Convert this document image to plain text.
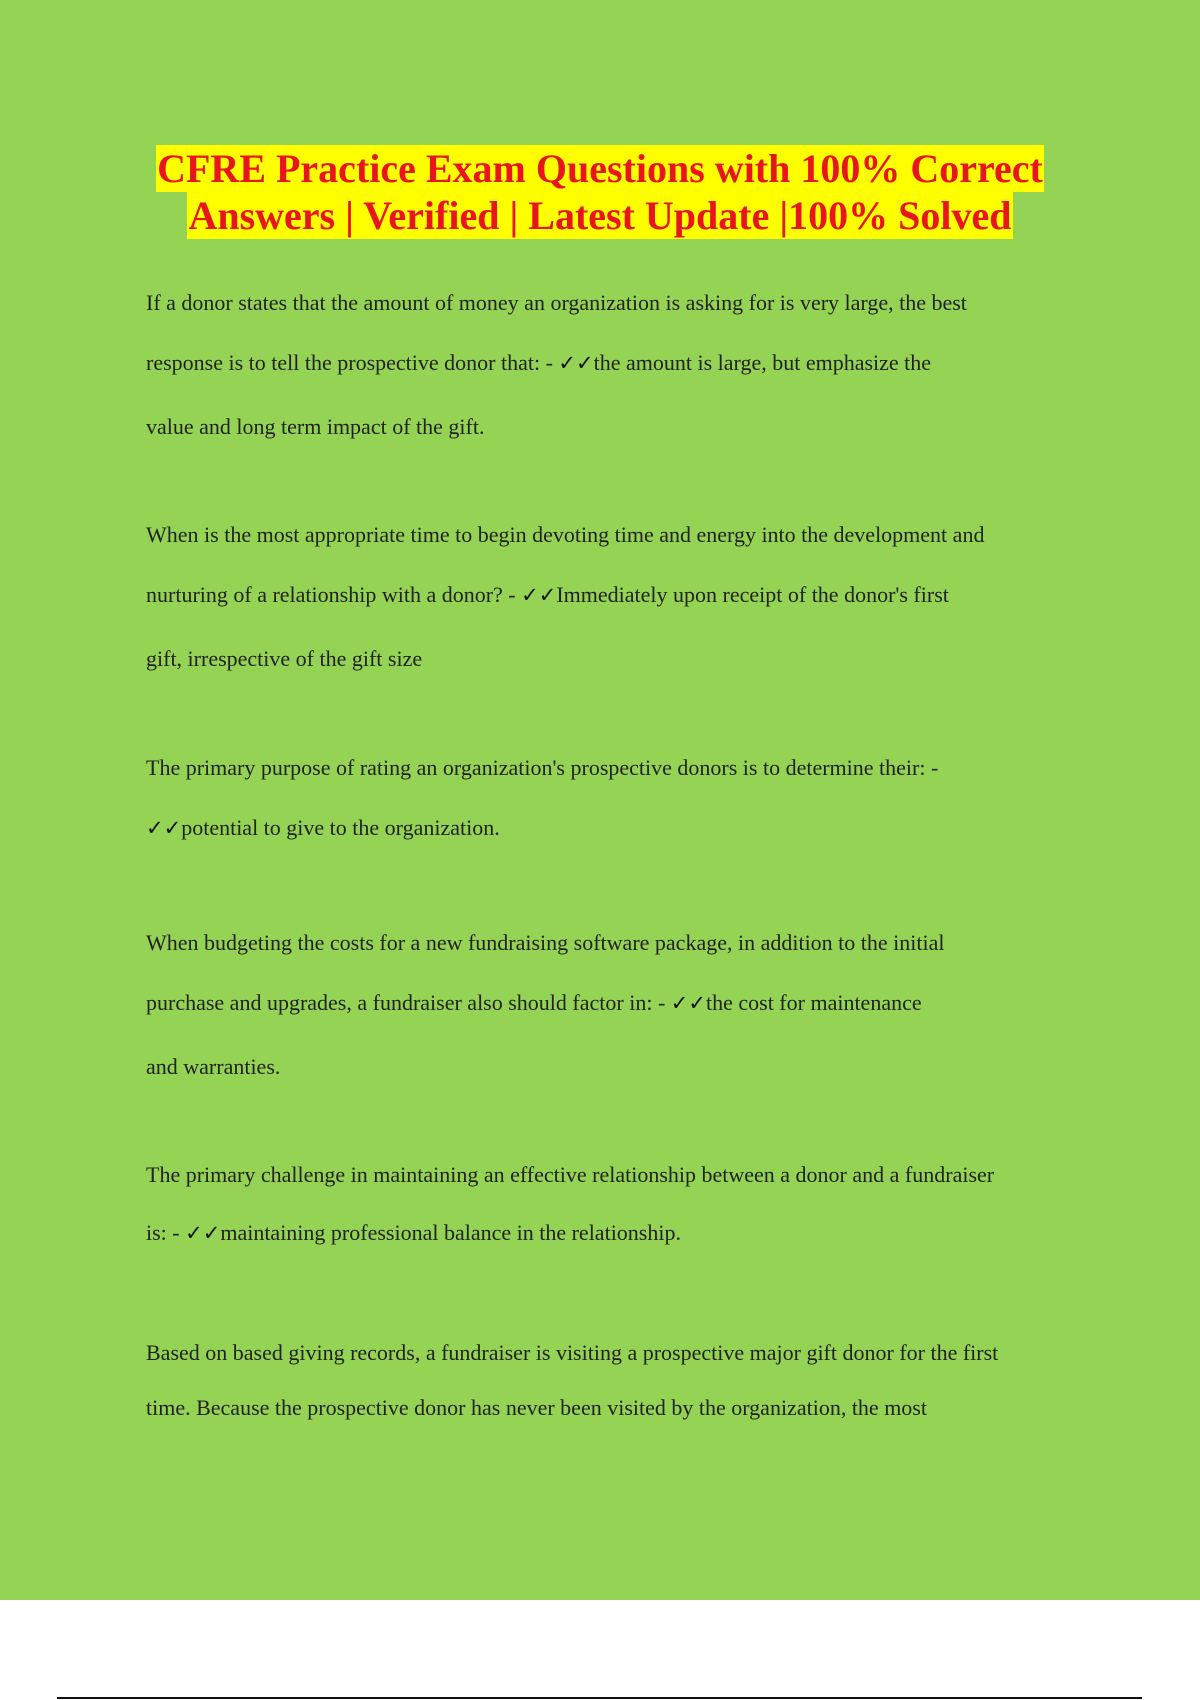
CFRE Practice Exam Questions with 100% Correct
Answers | Verified | Latest Update |100% Solved
If a donor states that the amount of money an organization is asking for is very large, the best
response is to tell the prospective donor that: - ✓✓the amount is large, but emphasize the
value and long term impact of the gift.
When is the most appropriate time to begin devoting time and energy into the development and
nurturing of a relationship with a donor? - ✓✓Immediately upon receipt of the donor's first
gift, irrespective of the gift size
The primary purpose of rating an organization's prospective donors is to determine their: -
✓✓potential to give to the organization.
When budgeting the costs for a new fundraising software package, in addition to the initial
purchase and upgrades, a fundraiser also should factor in: - ✓✓the cost for maintenance
and warranties.
The primary challenge in maintaining an effective relationship between a donor and a fundraiser
is: - ✓✓maintaining professional balance in the relationship.
Based on based giving records, a fundraiser is visiting a prospective major gift donor for the first
time. Because the prospective donor has never been visited by the organization, the most
